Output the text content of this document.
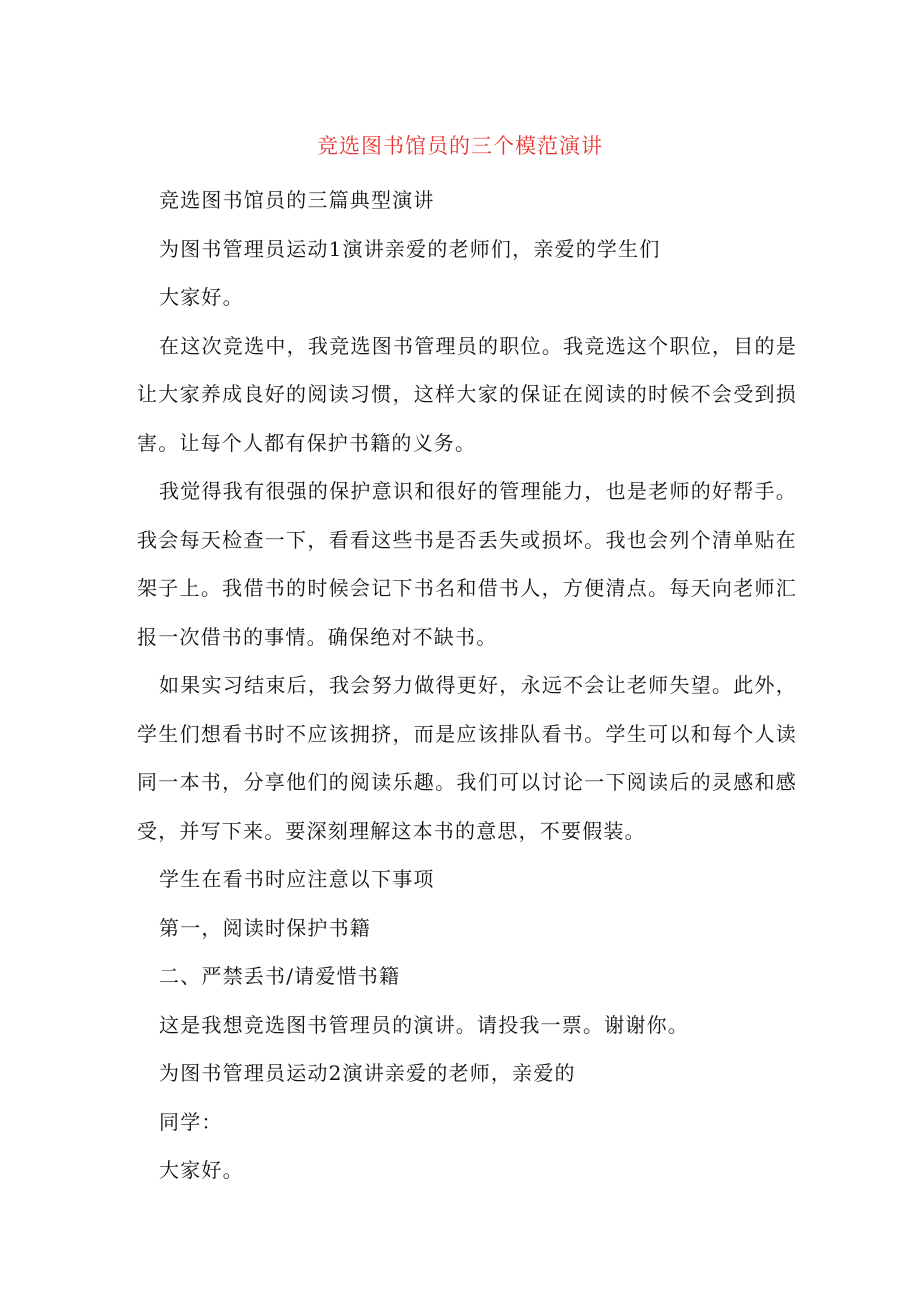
竞选图书馆员的三个模范演讲

竞选图书馆员的三篇典型演讲

为图书管理员运动1演讲亲爱的老师们，亲爱的学生们

大家好。

在这次竞选中，我竞选图书管理员的职位。我竞选这个职位，目的是让大家养成良好的阅读习惯，这样大家的保证在阅读的时候不会受到损害。让每个人都有保护书籍的义务。

我觉得我有很强的保护意识和很好的管理能力，也是老师的好帮手。我会每天检查一下，看看这些书是否丢失或损坏。我也会列个清单贴在架子上。我借书的时候会记下书名和借书人，方便清点。每天向老师汇报一次借书的事情。确保绝对不缺书。

如果实习结束后，我会努力做得更好，永远不会让老师失望。此外，学生们想看书时不应该拥挤，而是应该排队看书。学生可以和每个人读同一本书，分享他们的阅读乐趣。我们可以讨论一下阅读后的灵感和感受，并写下来。要深刻理解这本书的意思，不要假装。

学生在看书时应注意以下事项

第一，阅读时保护书籍

二、严禁丢书/请爱惜书籍

这是我想竞选图书管理员的演讲。请投我一票。谢谢你。

为图书管理员运动2演讲亲爱的老师，亲爱的

同学：

大家好。
